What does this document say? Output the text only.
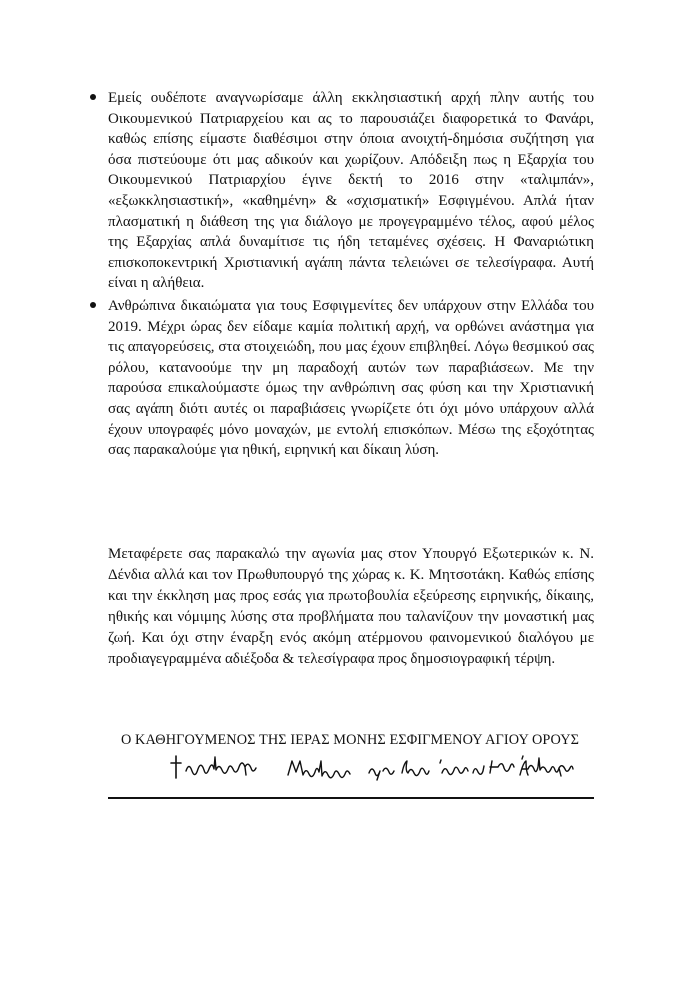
Εμείς ουδέποτε αναγνωρίσαμε άλλη εκκλησιαστική αρχή πλην αυτής του Οικουμενικού Πατριαρχείου και ας το παρουσιάζει διαφορετικά το Φανάρι, καθώς επίσης είμαστε διαθέσιμοι στην όποια ανοιχτή-δημόσια συζήτηση για όσα πιστεύουμε ότι μας αδικούν και χωρίζουν. Απόδειξη πως η Εξαρχία του Οικουμενικού Πατριαρχίου έγινε δεκτή το 2016 στην «ταλιμπάν», «εξωκκλησιαστική», «καθημένη» & «σχισματική» Εσφιγμένου. Απλά ήταν πλασματική η διάθεση της για διάλογο με προγεγραμμένο τέλος, αφού μέλος της Εξαρχίας απλά δυναμίτισε τις ήδη τεταμένες σχέσεις. Η Φαναριώτικη επισκοποκεντρική Χριστιανική αγάπη πάντα τελειώνει σε τελεσίγραφα. Αυτή είναι η αλήθεια.
Ανθρώπινα δικαιώματα για τους Εσφιγμενίτες δεν υπάρχουν στην Ελλάδα του 2019. Μέχρι ώρας δεν είδαμε καμία πολιτική αρχή, να ορθώνει ανάστημα για τις απαγορεύσεις, στα στοιχειώδη, που μας έχουν επιβληθεί. Λόγω θεσμικού σας ρόλου, κατανοούμε την μη παραδοχή αυτών των παραβιάσεων. Με την παρούσα επικαλούμαστε όμως την ανθρώπινη σας φύση και την Χριστιανική σας αγάπη διότι αυτές οι παραβιάσεις γνωρίζετε ότι όχι μόνο υπάρχουν αλλά έχουν υπογραφές μόνο μοναχών, με εντολή επισκόπων. Μέσω της εξοχότητας σας παρακαλούμε για ηθική, ειρηνική και δίκαιη λύση.

Μεταφέρετε σας παρακαλώ την αγωνία μας στον Υπουργό Εξωτερικών κ. Ν. Δένδια αλλά και τον Πρωθυπουργό της χώρας κ. Κ. Μητσοτάκη. Καθώς επίσης και την έκκληση μας προς εσάς για πρωτοβουλία εξεύρεσης ειρηνικής, δίκαιης, ηθικής και νόμιμης λύσης στα προβλήματα που ταλανίζουν την μοναστική μας ζωή. Και όχι στην έναρξη ενός ακόμη ατέρμονου φαινομενικού διαλόγου με προδιαγεγραμμένα αδιέξοδα & τελεσίγραφα προς δημοσιογραφική τέρψη.

Ο ΚΑΘΗΓΟΥΜΕΝΟΣ ΤΗΣ ΙΕΡΑΣ ΜΟΝΗΣ ΕΣΦΙΓΜΕΝΟΥ ΑΓΙΟΥ ΟΡΟΥΣ
